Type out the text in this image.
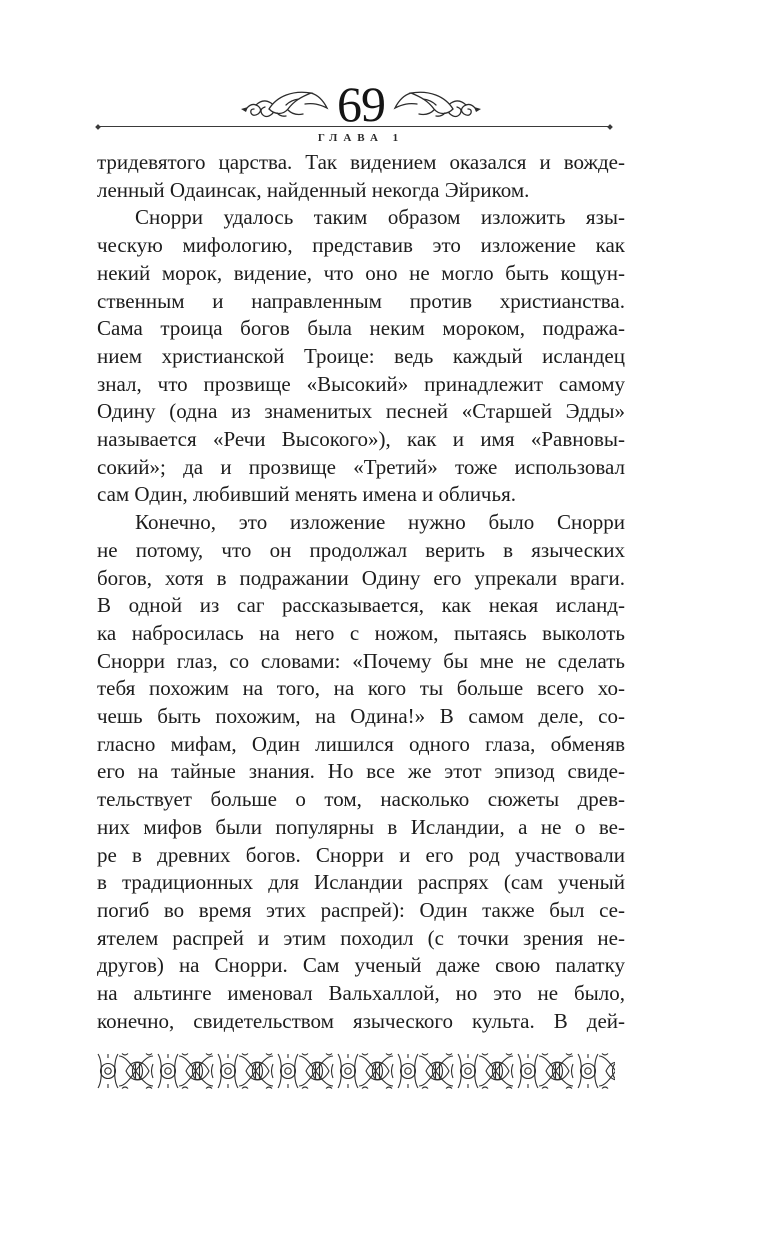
69
ГЛАВА 1
тридевятого царства. Так видением оказался и вожде-
ленный Одаинсак, найденный некогда Эйриком.
Снорри удалось таким образом изложить язы-
ческую мифологию, представив это изложение как
некий морок, видение, что оно не могло быть кощун-
ственным и направленным против христианства.
Сама троица богов была неким мороком, подража-
нием христианской Троице: ведь каждый исландец
знал, что прозвище «Высокий» принадлежит самому
Одину (одна из знаменитых песней «Старшей Эдды»
называется «Речи Высокого»), как и имя «Равновы-
сокий»; да и прозвище «Третий» тоже использовал
сам Один, любивший менять имена и обличья.
Конечно, это изложение нужно было Снорри
не потому, что он продолжал верить в языческих
богов, хотя в подражании Одину его упрекали враги.
В одной из саг рассказывается, как некая исланд-
ка набросилась на него с ножом, пытаясь выколоть
Снорри глаз, со словами: «Почему бы мне не сделать
тебя похожим на того, на кого ты больше всего хо-
чешь быть похожим, на Одина!» В самом деле, со-
гласно мифам, Один лишился одного глаза, обменяв
его на тайные знания. Но все же этот эпизод свиде-
тельствует больше о том, насколько сюжеты древ-
них мифов были популярны в Исландии, а не о ве-
ре в древних богов. Снорри и его род участвовали
в традиционных для Исландии распрях (сам ученый
погиб во время этих распрей): Один также был се-
ятелем распрей и этим походил (с точки зрения не-
другов) на Снорри. Сам ученый даже свою палатку
на альтинге именовал Вальхаллой, но это не было,
конечно, свидетельством языческого культа. В дей-
